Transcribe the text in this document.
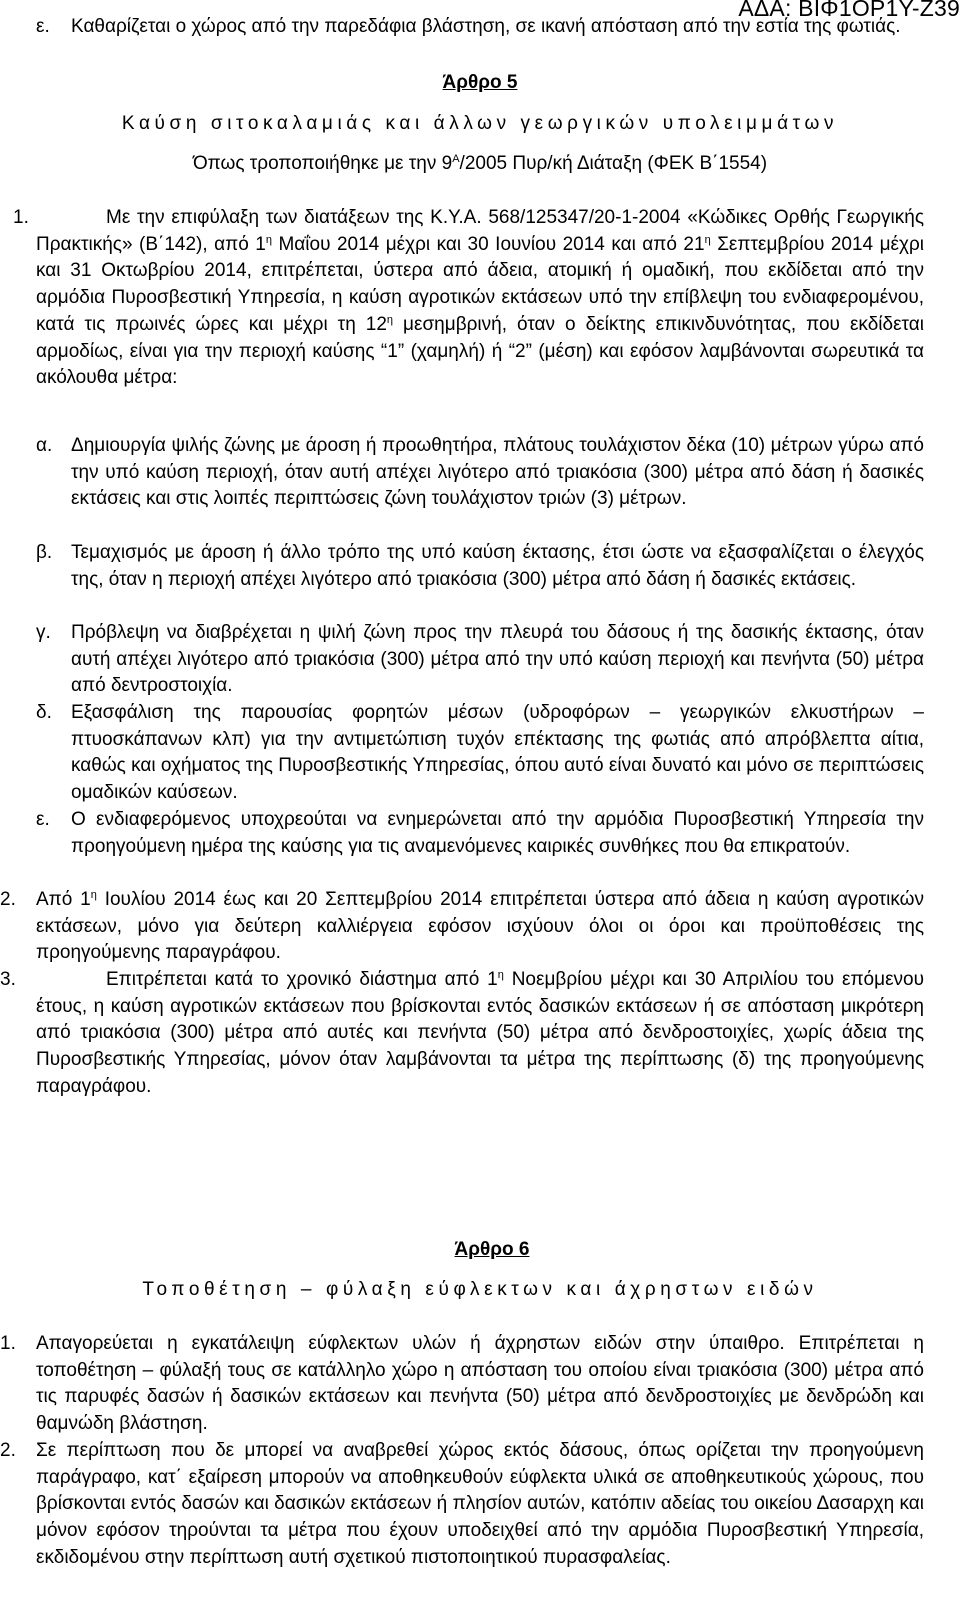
ΑΔΑ: ΒΙΦ1ΟΡ1Υ-Ζ39
ε. Καθαρίζεται ο χώρος από την παρεδάφια βλάστηση, σε ικανή απόσταση από την εστία της φωτιάς.
Άρθρο 5
Καύση σιτοκαλαμιάς και άλλων γεωργικών υπολειμμάτων
Όπως τροποποιήθηκε με την $9^A/2005$ Πυρ/κή Διάταξη (ΦΕΚ Β΄1554)
1.	Με την επιφύλαξη των διατάξεων της Κ.Υ.Α. 568/125347/20-1-2004 «Κώδικες Ορθής Γεωργικής Πρακτικής» (Β΄142), από $1^\eta$ Μαΐου 2014 μέχρι και 30 Ιουνίου 2014 και από $21^\eta$ Σεπτεμβρίου 2014 μέχρι και 31 Οκτωβρίου 2014, επιτρέπεται, ύστερα από άδεια, ατομική ή ομαδική, που εκδίδεται από την αρμόδια Πυροσβεστική Υπηρεσία, η καύση αγροτικών εκτάσεων υπό την επίβλεψη του ενδιαφερομένου, κατά τις πρωινές ώρες και μέχρι τη $12^\eta$ μεσημβρινή, όταν ο δείκτης επικινδυνότητας, που εκδίδεται αρμοδίως, είναι για την περιοχή καύσης “1” (χαμηλή) ή “2” (μέση) και εφόσον λαμβάνονται σωρευτικά τα ακόλουθα μέτρα:
α. Δημιουργία ψιλής ζώνης με άροση ή προωθητήρα, πλάτους τουλάχιστον δέκα (10) μέτρων γύρω από την υπό καύση περιοχή, όταν αυτή απέχει λιγότερο από τριακόσια (300) μέτρα από δάση ή δασικές εκτάσεις και στις λοιπές περιπτώσεις ζώνη τουλάχιστον τριών (3) μέτρων.
β. Τεμαχισμός με άροση ή άλλο τρόπο της υπό καύση έκτασης, έτσι ώστε να εξασφαλίζεται ο έλεγχός της, όταν η περιοχή απέχει λιγότερο από τριακόσια (300) μέτρα από δάση ή δασικές εκτάσεις.
γ. Πρόβλεψη να διαβρέχεται η ψιλή ζώνη προς την πλευρά του δάσους ή της δασικής έκτασης, όταν αυτή απέχει λιγότερο από τριακόσια (300) μέτρα από την υπό καύση περιοχή και πενήντα (50) μέτρα από δεντροστοιχία.
δ. Εξασφάλιση της παρουσίας φορητών μέσων (υδροφόρων – γεωργικών ελκυστήρων – πτυοσκάπανων κλπ) για την αντιμετώπιση τυχόν επέκτασης της φωτιάς από απρόβλεπτα αίτια, καθώς και οχήματος της Πυροσβεστικής Υπηρεσίας, όπου αυτό είναι δυνατό και μόνο σε περιπτώσεις ομαδικών καύσεων.
ε. Ο ενδιαφερόμενος υποχρεούται να ενημερώνεται από την αρμόδια Πυροσβεστική Υπηρεσία την προηγούμενη ημέρα της καύσης για τις αναμενόμενες καιρικές συνθήκες που θα επικρατούν.
2. Από $1^\eta$ Ιουλίου 2014 έως και 20 Σεπτεμβρίου 2014 επιτρέπεται ύστερα από άδεια η καύση αγροτικών εκτάσεων, μόνο για δεύτερη καλλιέργεια εφόσον ισχύουν όλοι οι όροι και προϋποθέσεις της προηγούμενης παραγράφου.
3.	Επιτρέπεται κατά το χρονικό διάστημα από $1^\eta$ Νοεμβρίου μέχρι και 30 Απριλίου του επόμενου έτους, η καύση αγροτικών εκτάσεων που βρίσκονται εντός δασικών εκτάσεων ή σε απόσταση μικρότερη από τριακόσια (300) μέτρα από αυτές και πενήντα (50) μέτρα από δενδροστοιχίες, χωρίς άδεια της Πυροσβεστικής Υπηρεσίας, μόνον όταν λαμβάνονται τα μέτρα της περίπτωσης (δ) της προηγούμενης παραγράφου.
Άρθρο 6
Τοποθέτηση – φύλαξη εύφλεκτων και άχρηστων ειδών
1. Απαγορεύεται η εγκατάλειψη εύφλεκτων υλών ή άχρηστων ειδών στην ύπαιθρο. Επιτρέπεται η τοποθέτηση – φύλαξή τους σε κατάλληλο χώρο η απόσταση του οποίου είναι τριακόσια (300) μέτρα από τις παρυφές δασών ή δασικών εκτάσεων και πενήντα (50) μέτρα από δενδροστοιχίες με δενδρώδη και θαμνώδη βλάστηση.
2. Σε περίπτωση που δε μπορεί να αναβρεθεί χώρος εκτός δάσους, όπως ορίζεται την προηγούμενη παράγραφο, κατ΄ εξαίρεση μπορούν να αποθηκευθούν εύφλεκτα υλικά σε αποθηκευτικούς χώρους, που βρίσκονται εντός δασών και δασικών εκτάσεων ή πλησίον αυτών, κατόπιν αδείας του οικείου Δασαρχη και μόνον εφόσον τηρούνται τα μέτρα που έχουν υποδειχθεί από την αρμόδια Πυροσβεστική Υπηρεσία, εκδιδομένου στην περίπτωση αυτή σχετικού πιστοποιητικού πυρασφαλείας.
